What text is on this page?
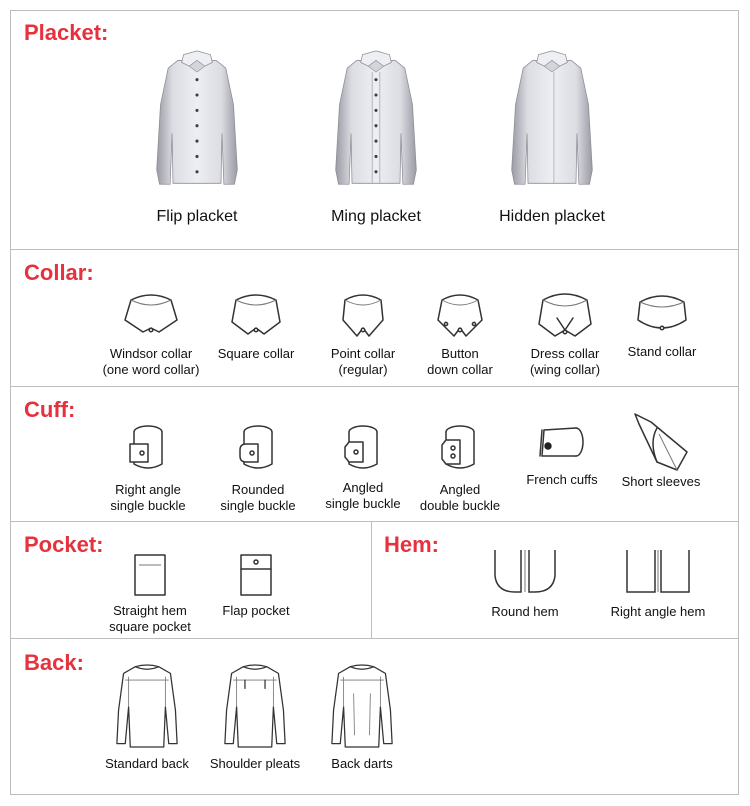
Placket:
Flip placket	Ming placket	Hidden placket
Collar:
Windsor collar
(one word collar)
Square collar	Point collar
(regular)
Button
down collar
Dress collar
(wing collar)
Stand collar
Cuff:
Right angle
single buckle
Rounded
single buckle
Angled
single buckle
Angled
double buckle
French cuffs Short sleeves
Pocket:
Straight hem
square pocket
Flap pocket
Hem:
Round hem	Right angle hem
Back:
Standard back Shoulder pleats Back darts
